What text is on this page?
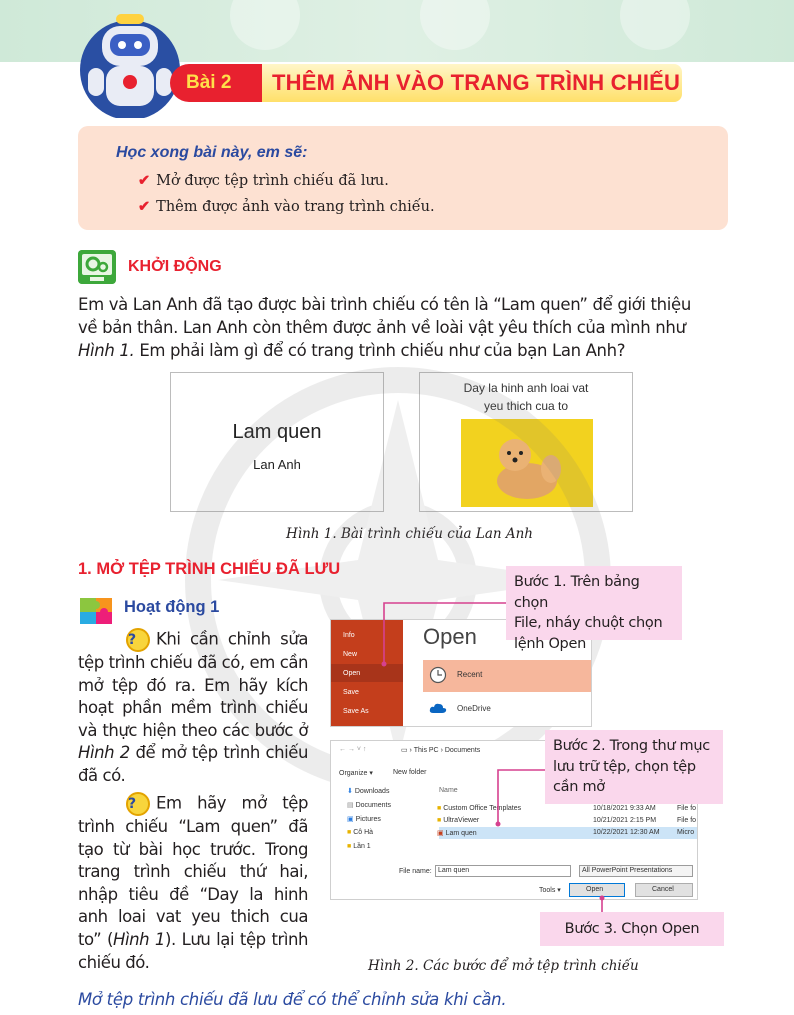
Bài 2	THÊM ẢNH VÀO TRANG TRÌNH CHIẾU
Học xong bài này, em sẽ:
✔ Mở được tệp trình chiếu đã lưu.
✔ Thêm được ảnh vào trang trình chiếu.
KHỞI ĐỘNG
Em và Lan Anh đã tạo được bài trình chiếu có tên là “Lam quen” để giới thiệu
về bản thân. Lan Anh còn thêm được ảnh về loài vật yêu thích của mình như
Hình 1. Em phải làm gì để có trang trình chiếu như của bạn Lan Anh?
Lam quen
Lan Anh
Day la hinh anh loai vat
yeu thich cua to
Hình 1. Bài trình chiếu của Lan Anh
1. MỞ TỆP TRÌNH CHIẾU ĐÃ LƯU
Hoạt động 1

? Khi cần chỉnh sửa

tệp trình chiếu đã có, em cần

mở tệp đó ra. Em hãy kích

hoạt phần mềm trình chiếu

và thực hiện theo các bước ở

Hình 2 để mở tệp trình chiếu

đã có.

? Em hãy mở tệp

trình chiếu “Lam quen” đã

tạo từ bài học trước. Trong

trang trình chiếu thứ hai,

nhập tiêu đề “Day la hinh

anh loai vat yeu thich cua

to” (Hình 1). Lưu lại tệp trình

chiếu đó.

Info
New
Open
Save
Save As
Open
Recent
OneDrive
← → ˅ ↑	▭ › This PC › Documents
Organize ▾	New folder
Name
⬇ Downloads
▤ Documents
▣ Pictures
■ Cô Hà
■ Lần 1
■ Custom Office Templates	10/18/2021 9:33 AM	File fo
■ UltraViewer	10/21/2021 2:15 PM	File fo
▣ Lam quen	10/22/2021 12:30 AM Micro
File name: Lam quen	All PowerPoint Presentations
Tools ▾	Open	Cancel
Bước 1. Trên bảng chọn
File, nháy chuột chọn
lệnh Open
Bước 2. Trong thư mục
lưu trữ tệp, chọn tệp
cần mở
Bước 3. Chọn Open
Hình 2. Các bước để mở tệp trình chiếu
Mở tệp trình chiếu đã lưu để có thể chỉnh sửa khi cần.
